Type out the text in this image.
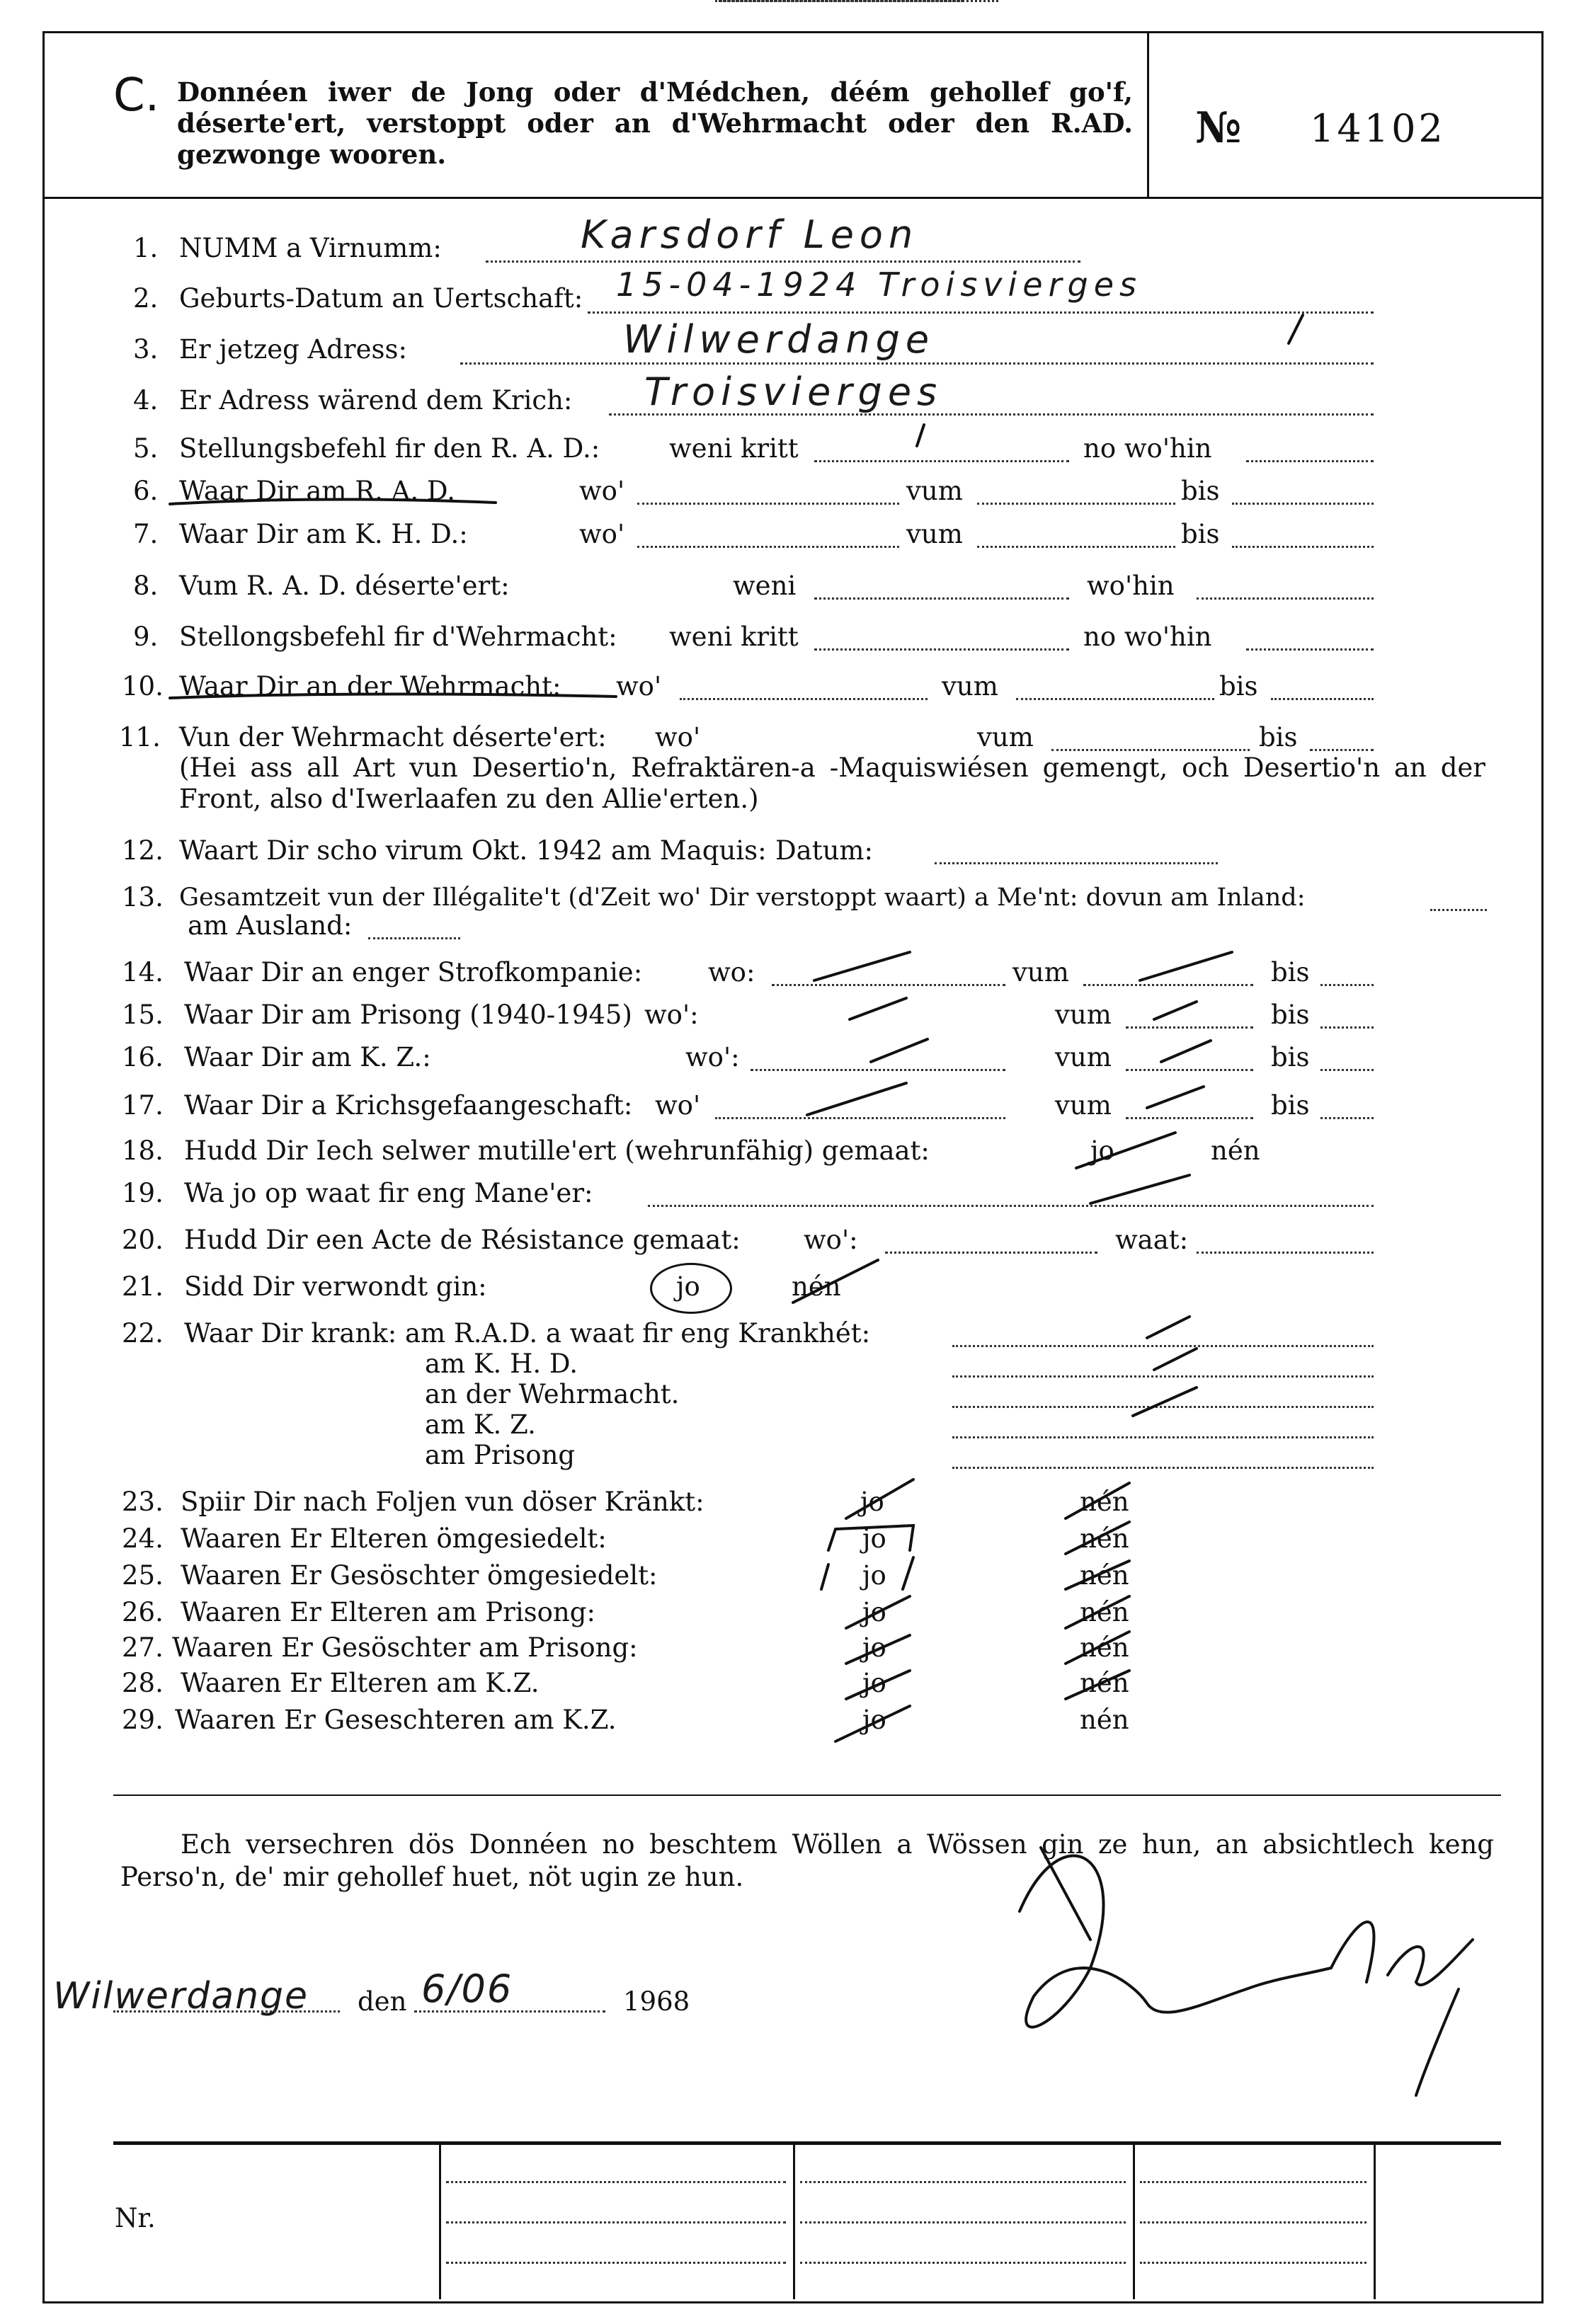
C. Donnéen iwer de Jong oder d'Médchen, déém gehollef go'f, déserte'ert, verstoppt oder an d'Wehrmacht oder den R.AD. gezwonge wooren.
№ 14102
1. NUMM a Virnumm:	Karsdorf Leon
2. Geburts-Datum an Uertschaft: 15-04-1924 Troisvierges
3. Er jetzeg Adress:	Wilwerdange
4. Er Adress wärend dem Krich: Troisvierges
5. Stellungsbefehl fir den R. A. D.:	weni kritt	no wo'hin
6. Waar Dir am R. A. D.	wo'	vum	bis
7. Waar Dir am K. H. D.:	wo'	vum	bis
8. Vum R. A. D. déserte'ert:	weni	wo'hin
9. Stellongsbefehl fir d'Wehrmacht: weni kritt	no wo'hin
10. Waar Dir an der Wehrmacht: wo'	vum	bis
11. Vun der Wehrmacht déserte'ert: wo'	vum	bis
(Hei ass all Art vun Desertio'n, Refraktären-a -Maquiswiésen gemengt, och Desertio'n an der Front, also d'Iwerlaafen zu den Allie'erten.)
12. Waart Dir scho virum Okt. 1942 am Maquis: Datum:
13. Gesamtzeit vun der Illégalite't (d'Zeit wo' Dir verstoppt waart) a Me'nt: dovun am Inland:
am Ausland:
14. Waar Dir an enger Strofkompanie:	wo:	vum	bis
15. Waar Dir am Prisong (1940-1945) wo':	vum	bis
16. Waar Dir am K. Z.:	wo':	vum	bis
17. Waar Dir a Krichsgefaangeschaft: wo'	vum	bis
18. Hudd Dir Iech selwer mutille'ert (wehrunfähig) gemaat:	jo	nén
19. Wa jo op waat fir eng Mane'er:
20. Hudd Dir een Acte de Résistance gemaat: wo':	waat:
21. Sidd Dir verwondt gin:	jo	nén
22. Waar Dir krank: am R.A.D. a waat fir eng Krankhét:
am K. H. D.
an der Wehrmacht.
am K. Z.
am Prisong
23. Spiir Dir nach Foljen vun döser Kränkt:	jo	nén
24. Waaren Er Elteren ömgesiedelt:	jo	nén
25. Waaren Er Gesöschter ömgesiedelt:	jo	nén
26. Waaren Er Elteren am Prisong:	jo	nén
27. Waaren Er Gesöschter am Prisong:	jo	nén
28. Waaren Er Elteren am K.Z.	jo	nén
29. Waaren Er Geseschteren am K.Z.	jo	nén
Ech versechren dös Donnéen no beschtem Wöllen a Wössen gin ze hun, an absichtlech keng Perso'n, de' mir gehollef huet, nöt ugin ze hun.
Wilwerdange den 6/06	1968
Nr.
